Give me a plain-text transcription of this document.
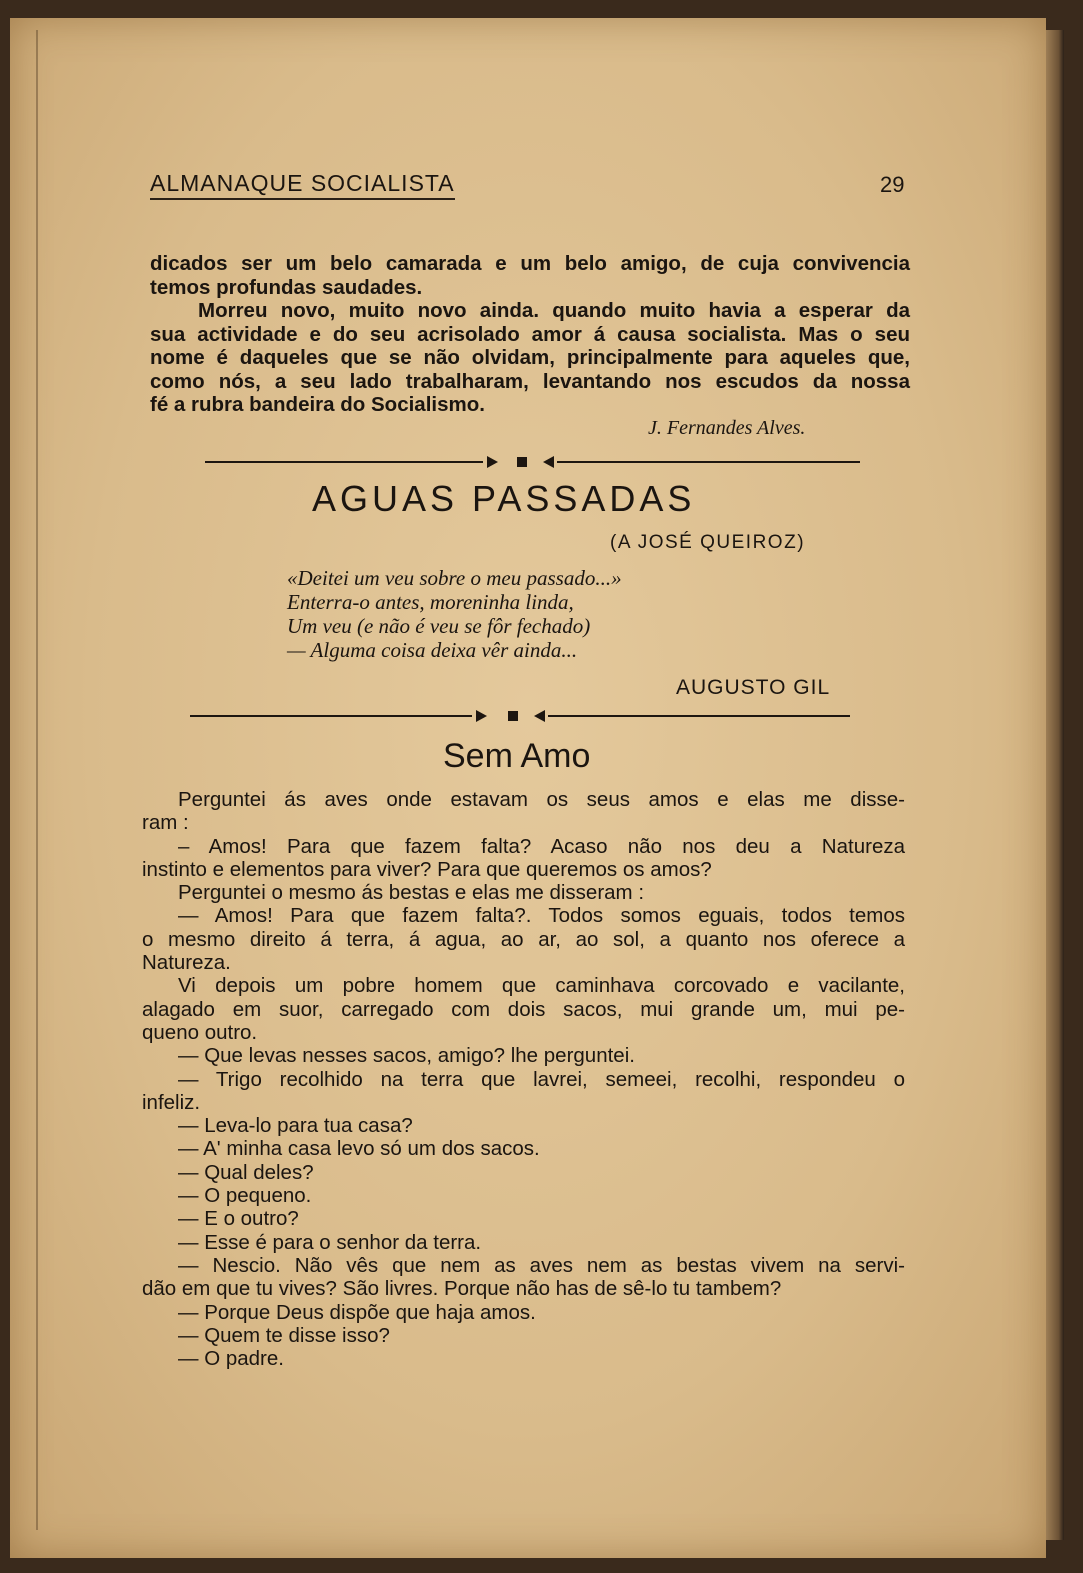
ALMANAQUE SOCIALISTA	29
dicados ser um belo camarada e um belo amigo, de cuja convivencia
temos profundas saudades.
Morreu novo, muito novo ainda. quando muito havia a esperar da
sua actividade e do seu acrisolado amor á causa socialista. Mas o seu
nome é daqueles que se não olvidam, principalmente para aqueles que,
como nós, a seu lado trabalharam, levantando nos escudos da nossa
fé a rubra bandeira do Socialismo.
J. Fernandes Alves.
AGUAS PASSADAS
(A JOSÉ QUEIROZ)
«Deitei um veu sobre o meu passado...»
Enterra-o antes, moreninha linda,
Um veu (e não é veu se fôr fechado)
— Alguma coisa deixa vêr ainda...
AUGUSTO GIL
Sem Amo
Perguntei ás aves onde estavam os seus amos e elas me disse-
ram :
– Amos! Para que fazem falta? Acaso não nos deu a Natureza
instinto e elementos para viver? Para que queremos os amos?
Perguntei o mesmo ás bestas e elas me disseram :
— Amos! Para que fazem falta?. Todos somos eguais, todos temos
o mesmo direito á terra, á agua, ao ar, ao sol, a quanto nos oferece a
Natureza.
Vi depois um pobre homem que caminhava corcovado e vacilante,
alagado em suor, carregado com dois sacos, mui grande um, mui pe-
queno outro.
— Que levas nesses sacos, amigo? lhe perguntei.
— Trigo recolhido na terra que lavrei, semeei, recolhi, respondeu o
infeliz.
— Leva-lo para tua casa?
— A' minha casa levo só um dos sacos.
— Qual deles?
— O pequeno.
— E o outro?
— Esse é para o senhor da terra.
— Nescio. Não vês que nem as aves nem as bestas vivem na servi-
dão em que tu vives? São livres. Porque não has de sê-lo tu tambem?
— Porque Deus dispõe que haja amos.
— Quem te disse isso?
— O padre.
